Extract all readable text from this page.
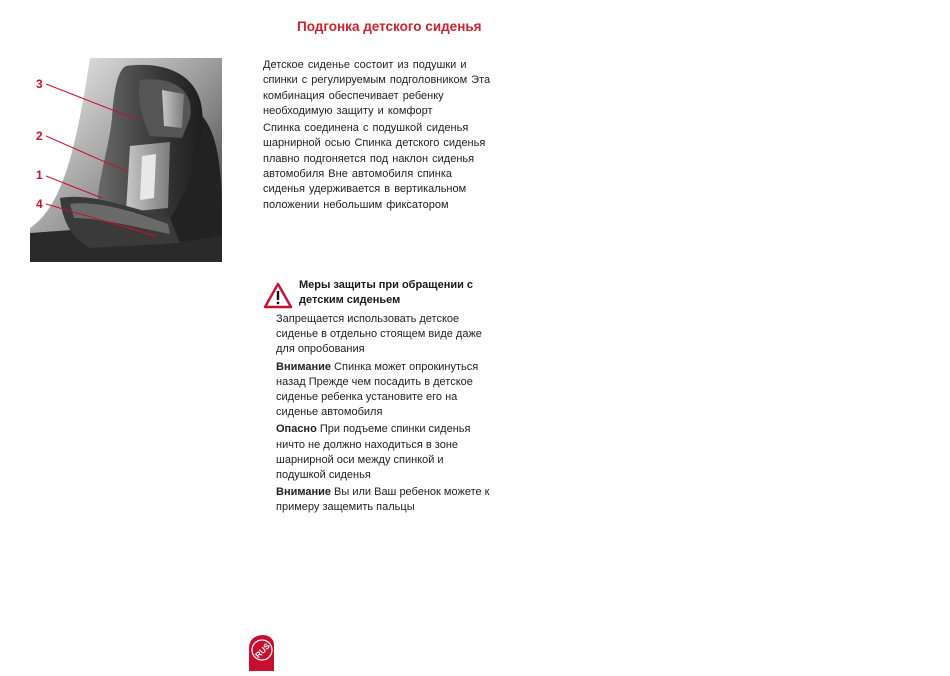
3
2
1
4
Подгонка детского сиденья

Детское сиденье состоит из подушки и спинки с регулируемым подголовником Эта комбинация обеспечивает ребенку необходимую защиту и комфорт

Спинка соединена с подушкой сиденья шарнирной осью Спинка детского сиденья плавно подгоняется под наклон сиденья автомобиля Вне автомобиля спинка сиденья удерживается в вертикальном положении небольшим фиксатором

Меры защиты при обращении с детским сиденьем

Запрещается использовать детское сиденье в отдельно стоящем виде даже для опробования

Внимание Спинка может опрокинуться назад Прежде чем посадить в детское сиденье ребенка установите его на сиденье автомобиля

Опасно При подъеме спинки сиденья ничто не должно находиться в зоне шарнирной оси между спинкой и подушкой сиденья

Внимание Вы или Ваш ребенок можете к примеру защемить пальцы

RUS
